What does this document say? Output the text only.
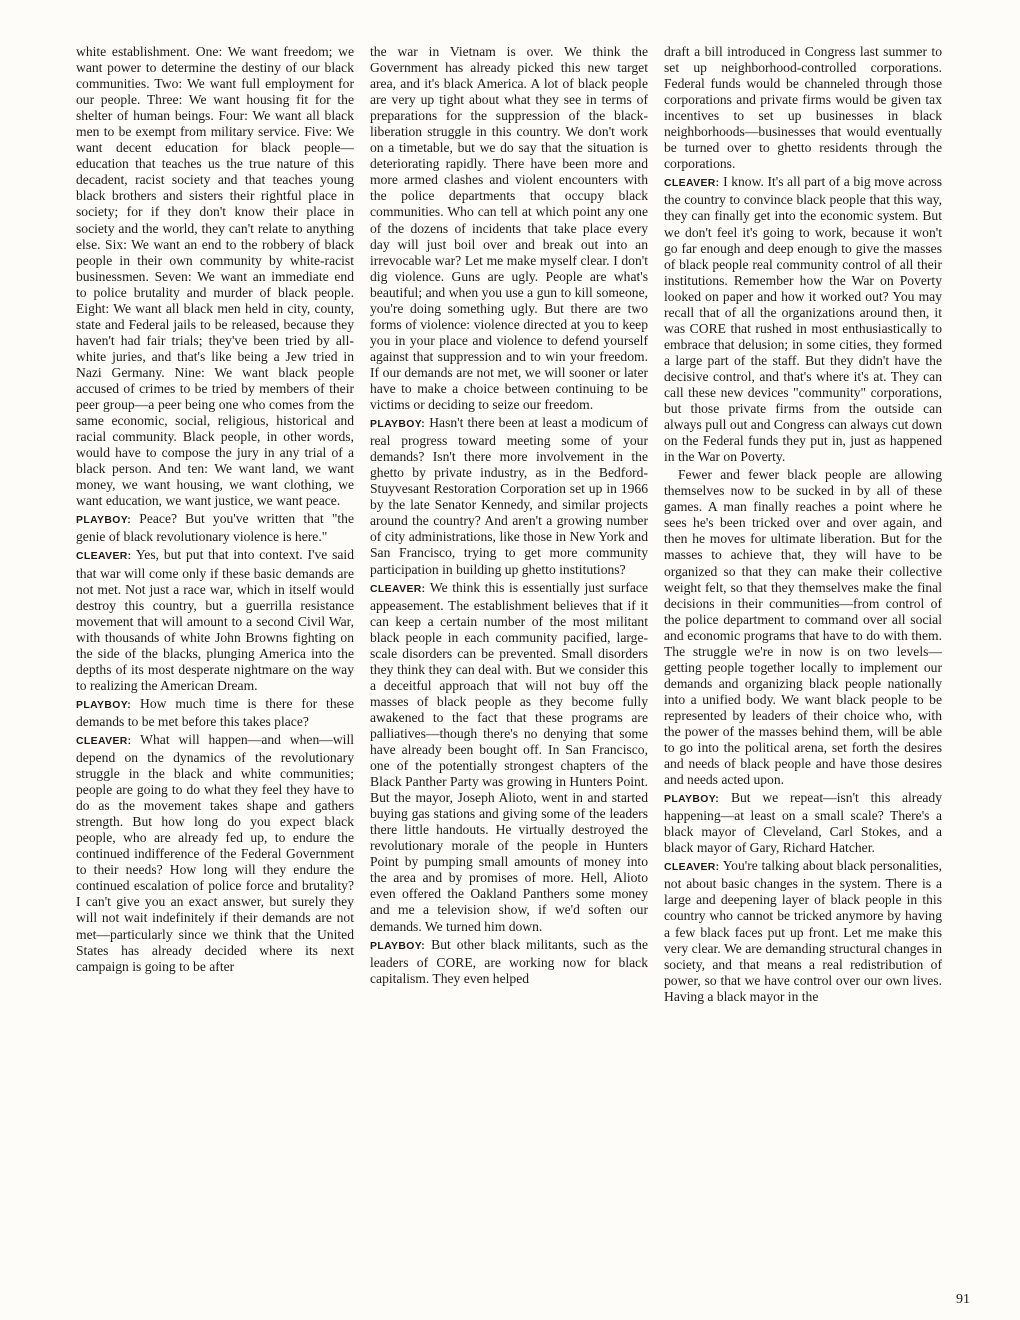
white establishment. One: We want freedom; we want power to determine the destiny of our black communities. Two: We want full employment for our people. Three: We want housing fit for the shelter of human beings. Four: We want all black men to be exempt from military service. Five: We want decent education for black people—education that teaches us the true nature of this decadent, racist society and that teaches young black brothers and sisters their rightful place in society; for if they don't know their place in society and the world, they can't relate to anything else. Six: We want an end to the robbery of black people in their own community by white-racist businessmen. Seven: We want an immediate end to police brutality and murder of black people. Eight: We want all black men held in city, county, state and Federal jails to be released, because they haven't had fair trials; they've been tried by all-white juries, and that's like being a Jew tried in Nazi Germany. Nine: We want black people accused of crimes to be tried by members of their peer group—a peer being one who comes from the same economic, social, religious, historical and racial community. Black people, in other words, would have to compose the jury in any trial of a black person. And ten: We want land, we want money, we want housing, we want clothing, we want education, we want justice, we want peace.

PLAYBOY: Peace? But you've written that "the genie of black revolutionary violence is here."

CLEAVER: Yes, but put that into context. I've said that war will come only if these basic demands are not met. Not just a race war, which in itself would destroy this country, but a guerrilla resistance movement that will amount to a second Civil War, with thousands of white John Browns fighting on the side of the blacks, plunging America into the depths of its most desperate nightmare on the way to realizing the American Dream.

PLAYBOY: How much time is there for these demands to be met before this takes place?

CLEAVER: What will happen—and when—will depend on the dynamics of the revolutionary struggle in the black and white communities; people are going to do what they feel they have to do as the movement takes shape and gathers strength. But how long do you expect black people, who are already fed up, to endure the continued indifference of the Federal Government to their needs? How long will they endure the continued escalation of police force and brutality? I can't give you an exact answer, but surely they will not wait indefinitely if their demands are not met—particularly since we think that the United States has already decided where its next campaign is going to be after

the war in Vietnam is over. We think the Government has already picked this new target area, and it's black America. A lot of black people are very up tight about what they see in terms of preparations for the suppression of the black-liberation struggle in this country. We don't work on a timetable, but we do say that the situation is deteriorating rapidly. There have been more and more armed clashes and violent encounters with the police departments that occupy black communities. Who can tell at which point any one of the dozens of incidents that take place every day will just boil over and break out into an irrevocable war? Let me make myself clear. I don't dig violence. Guns are ugly. People are what's beautiful; and when you use a gun to kill someone, you're doing something ugly. But there are two forms of violence: violence directed at you to keep you in your place and violence to defend yourself against that suppression and to win your freedom. If our demands are not met, we will sooner or later have to make a choice between continuing to be victims or deciding to seize our freedom.

PLAYBOY: Hasn't there been at least a modicum of real progress toward meeting some of your demands? Isn't there more involvement in the ghetto by private industry, as in the Bedford-Stuyvesant Restoration Corporation set up in 1966 by the late Senator Kennedy, and similar projects around the country? And aren't a growing number of city administrations, like those in New York and San Francisco, trying to get more community participation in building up ghetto institutions?

CLEAVER: We think this is essentially just surface appeasement. The establishment believes that if it can keep a certain number of the most militant black people in each community pacified, large-scale disorders can be prevented. Small disorders they think they can deal with. But we consider this a deceitful approach that will not buy off the masses of black people as they become fully awakened to the fact that these programs are palliatives—though there's no denying that some have already been bought off. In San Francisco, one of the potentially strongest chapters of the Black Panther Party was growing in Hunters Point. But the mayor, Joseph Alioto, went in and started buying gas stations and giving some of the leaders there little handouts. He virtually destroyed the revolutionary morale of the people in Hunters Point by pumping small amounts of money into the area and by promises of more. Hell, Alioto even offered the Oakland Panthers some money and me a television show, if we'd soften our demands. We turned him down.

PLAYBOY: But other black militants, such as the leaders of CORE, are working now for black capitalism. They even helped

draft a bill introduced in Congress last summer to set up neighborhood-controlled corporations. Federal funds would be channeled through those corporations and private firms would be given tax incentives to set up businesses in black neighborhoods—businesses that would eventually be turned over to ghetto residents through the corporations.

CLEAVER: I know. It's all part of a big move across the country to convince black people that this way, they can finally get into the economic system. But we don't feel it's going to work, because it won't go far enough and deep enough to give the masses of black people real community control of all their institutions. Remember how the War on Poverty looked on paper and how it worked out? You may recall that of all the organizations around then, it was CORE that rushed in most enthusiastically to embrace that delusion; in some cities, they formed a large part of the staff. But they didn't have the decisive control, and that's where it's at. They can call these new devices "community" corporations, but those private firms from the outside can always pull out and Congress can always cut down on the Federal funds they put in, just as happened in the War on Poverty.

Fewer and fewer black people are allowing themselves now to be sucked in by all of these games. A man finally reaches a point where he sees he's been tricked over and over again, and then he moves for ultimate liberation. But for the masses to achieve that, they will have to be organized so that they can make their collective weight felt, so that they themselves make the final decisions in their communities—from control of the police department to command over all social and economic programs that have to do with them. The struggle we're in now is on two levels—getting people together locally to implement our demands and organizing black people nationally into a unified body. We want black people to be represented by leaders of their choice who, with the power of the masses behind them, will be able to go into the political arena, set forth the desires and needs of black people and have those desires and needs acted upon.

PLAYBOY: But we repeat—isn't this already happening—at least on a small scale? There's a black mayor of Cleveland, Carl Stokes, and a black mayor of Gary, Richard Hatcher.

CLEAVER: You're talking about black personalities, not about basic changes in the system. There is a large and deepening layer of black people in this country who cannot be tricked anymore by having a few black faces put up front. Let me make this very clear. We are demanding structural changes in society, and that means a real redistribution of power, so that we have control over our own lives. Having a black mayor in the

91
